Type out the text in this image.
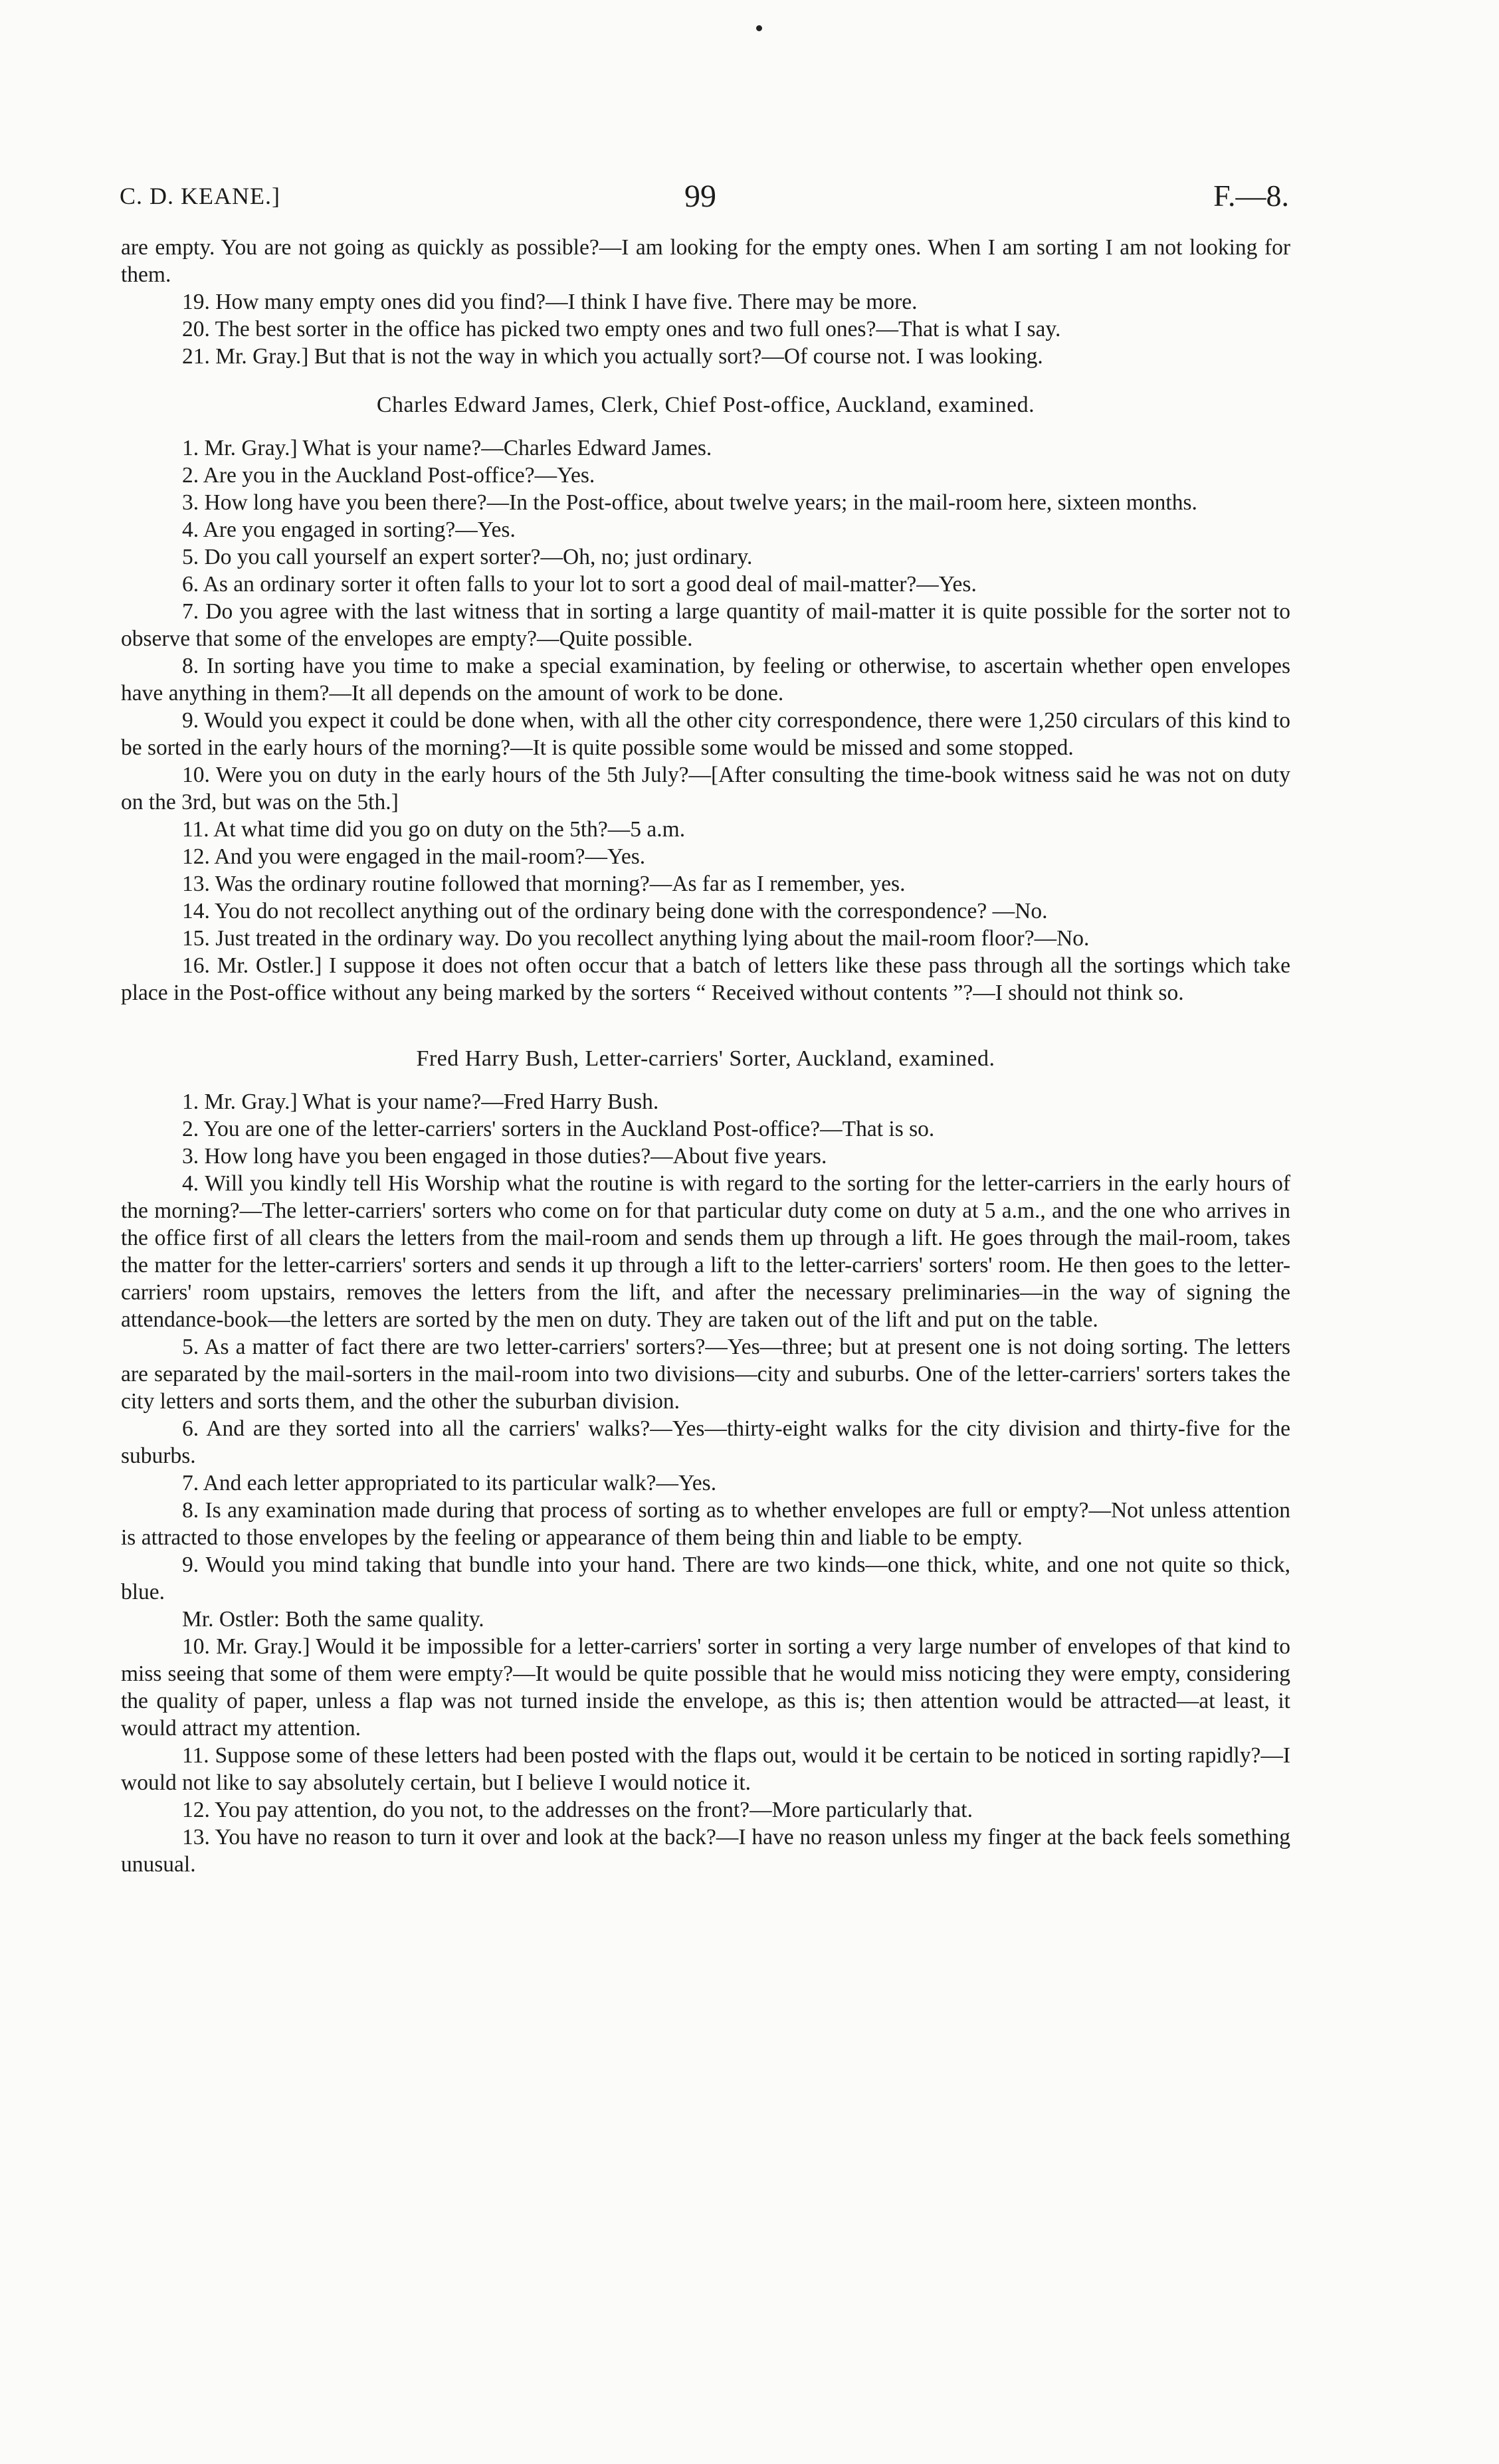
C. D. KEANE.]	99	F.—8.

are empty. You are not going as quickly as possible?—I am looking for the empty ones. When I am sorting I am not looking for them.

19. How many empty ones did you find?—I think I have five. There may be more.

20. The best sorter in the office has picked two empty ones and two full ones?—That is what I say.

21. Mr. Gray.] But that is not the way in which you actually sort?—Of course not. I was looking.

Charles Edward James, Clerk, Chief Post-office, Auckland, examined.

1. Mr. Gray.] What is your name?—Charles Edward James.

2. Are you in the Auckland Post-office?—Yes.

3. How long have you been there?—In the Post-office, about twelve years; in the mail-room here, sixteen months.

4. Are you engaged in sorting?—Yes.

5. Do you call yourself an expert sorter?—Oh, no; just ordinary.

6. As an ordinary sorter it often falls to your lot to sort a good deal of mail-matter?—Yes.

7. Do you agree with the last witness that in sorting a large quantity of mail-matter it is quite possible for the sorter not to observe that some of the envelopes are empty?—Quite possible.

8. In sorting have you time to make a special examination, by feeling or otherwise, to ascertain whether open envelopes have anything in them?—It all depends on the amount of work to be done.

9. Would you expect it could be done when, with all the other city correspondence, there were 1,250 circulars of this kind to be sorted in the early hours of the morning?—It is quite possible some would be missed and some stopped.

10. Were you on duty in the early hours of the 5th July?—[After consulting the time-book witness said he was not on duty on the 3rd, but was on the 5th.]

11. At what time did you go on duty on the 5th?—5 a.m.

12. And you were engaged in the mail-room?—Yes.

13. Was the ordinary routine followed that morning?—As far as I remember, yes.

14. You do not recollect anything out of the ordinary being done with the correspondence? —No.

15. Just treated in the ordinary way. Do you recollect anything lying about the mail-room floor?—No.

16. Mr. Ostler.] I suppose it does not often occur that a batch of letters like these pass through all the sortings which take place in the Post-office without any being marked by the sorters “ Received without contents ”?—I should not think so.

Fred Harry Bush, Letter-carriers' Sorter, Auckland, examined.

1. Mr. Gray.] What is your name?—Fred Harry Bush.

2. You are one of the letter-carriers' sorters in the Auckland Post-office?—That is so.

3. How long have you been engaged in those duties?—About five years.

4. Will you kindly tell His Worship what the routine is with regard to the sorting for the letter-carriers in the early hours of the morning?—The letter-carriers' sorters who come on for that particular duty come on duty at 5 a.m., and the one who arrives in the office first of all clears the letters from the mail-room and sends them up through a lift. He goes through the mail-room, takes the matter for the letter-carriers' sorters and sends it up through a lift to the letter-carriers' sorters' room. He then goes to the letter-carriers' room upstairs, removes the letters from the lift, and after the necessary preliminaries—in the way of signing the attendance-book—the letters are sorted by the men on duty. They are taken out of the lift and put on the table.

5. As a matter of fact there are two letter-carriers' sorters?—Yes—three; but at present one is not doing sorting. The letters are separated by the mail-sorters in the mail-room into two divisions—city and suburbs. One of the letter-carriers' sorters takes the city letters and sorts them, and the other the suburban division.

6. And are they sorted into all the carriers' walks?—Yes—thirty-eight walks for the city division and thirty-five for the suburbs.

7. And each letter appropriated to its particular walk?—Yes.

8. Is any examination made during that process of sorting as to whether envelopes are full or empty?—Not unless attention is attracted to those envelopes by the feeling or appearance of them being thin and liable to be empty.

9. Would you mind taking that bundle into your hand. There are two kinds—one thick, white, and one not quite so thick, blue.

Mr. Ostler: Both the same quality.

10. Mr. Gray.] Would it be impossible for a letter-carriers' sorter in sorting a very large number of envelopes of that kind to miss seeing that some of them were empty?—It would be quite possible that he would miss noticing they were empty, considering the quality of paper, unless a flap was not turned inside the envelope, as this is; then attention would be attracted—at least, it would attract my attention.

11. Suppose some of these letters had been posted with the flaps out, would it be certain to be noticed in sorting rapidly?—I would not like to say absolutely certain, but I believe I would notice it.

12. You pay attention, do you not, to the addresses on the front?—More particularly that.

13. You have no reason to turn it over and look at the back?—I have no reason unless my finger at the back feels something unusual.
